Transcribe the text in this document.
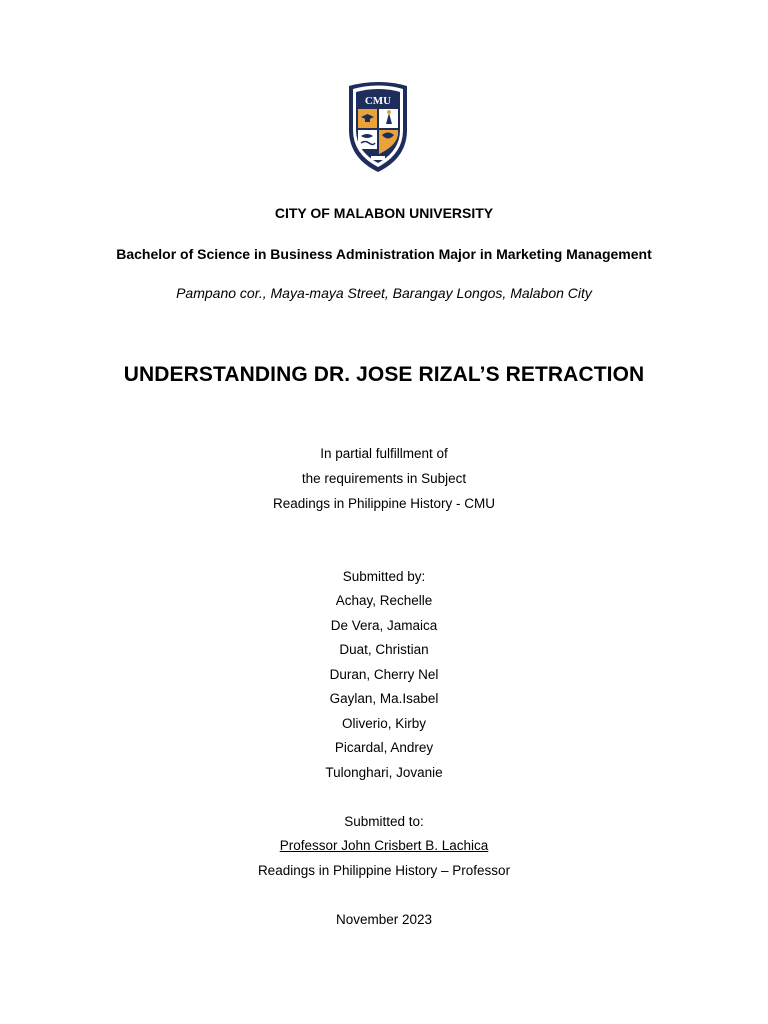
CMU
CITY OF MALABON UNIVERSITY
Bachelor of Science in Business Administration Major in Marketing Management
Pampano cor., Maya-maya Street, Barangay Longos, Malabon City
UNDERSTANDING DR. JOSE RIZAL’S RETRACTION
In partial fulfillment of
the requirements in Subject
Readings in Philippine History - CMU
Submitted by:
Achay, Rechelle
De Vera, Jamaica
Duat, Christian
Duran, Cherry Nel
Gaylan, Ma.Isabel
Oliverio, Kirby
Picardal, Andrey
Tulonghari, Jovanie
Submitted to:
Professor John Crisbert B. Lachica
Readings in Philippine History – Professor
November 2023
